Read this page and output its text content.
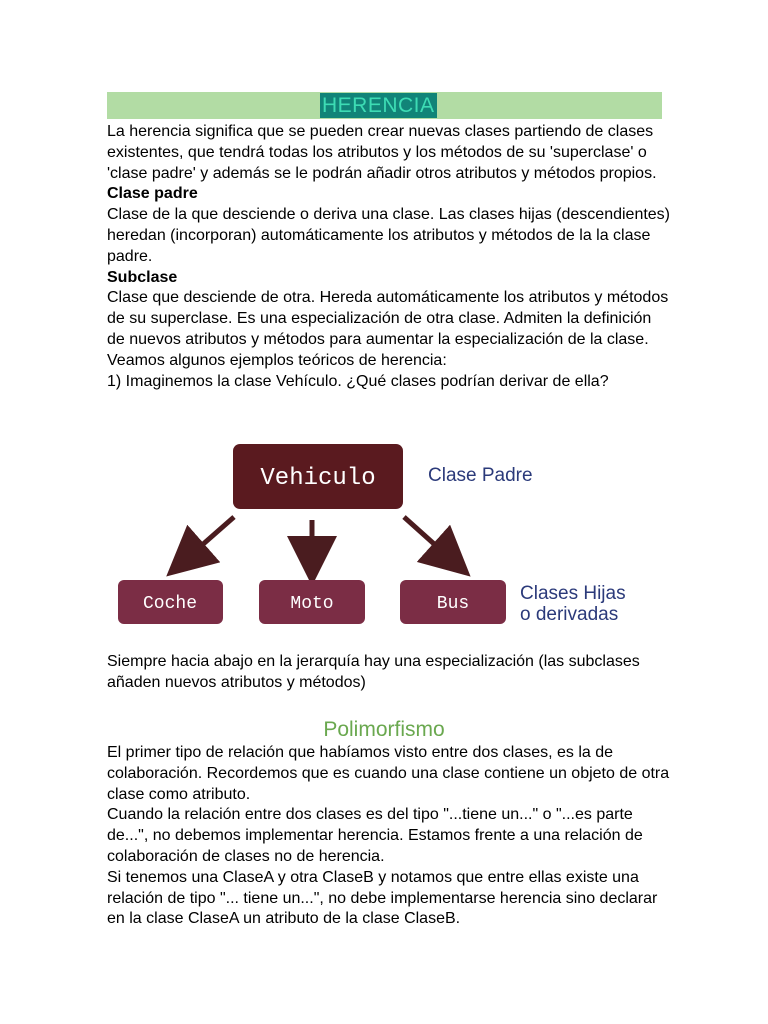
HERENCIA

La herencia significa que se pueden crear nuevas clases partiendo de clases existentes, que tendrá todas los atributos y los métodos de su 'superclase' o 'clase padre' y además se le podrán añadir otros atributos y métodos propios.

Clase padre

Clase de la que desciende o deriva una clase. Las clases hijas (descendientes) heredan (incorporan) automáticamente los atributos y métodos de la la clase padre.

Subclase

Clase que desciende de otra. Hereda automáticamente los atributos y métodos de su superclase. Es una especialización de otra clase. Admiten la definición de nuevos atributos y métodos para aumentar la especialización de la clase.

Veamos algunos ejemplos teóricos de herencia:

1) Imaginemos la clase Vehículo. ¿Qué clases podrían derivar de ella?

Vehiculo	Clase Padre
Coche	Moto	Bus	Clases Hijas
o derivadas

Siempre hacia abajo en la jerarquía hay una especialización (las subclases añaden nuevos atributos y métodos)

Polimorfismo

El primer tipo de relación que habíamos visto entre dos clases, es la de colaboración. Recordemos que es cuando una clase contiene un objeto de otra clase como atributo.

Cuando la relación entre dos clases es del tipo "...tiene un..." o "...es parte de...", no debemos implementar herencia. Estamos frente a una relación de colaboración de clases no de herencia.

Si tenemos una ClaseA y otra ClaseB y notamos que entre ellas existe una relación de tipo "... tiene un...", no debe implementarse herencia sino declarar en la clase ClaseA un atributo de la clase ClaseB.
